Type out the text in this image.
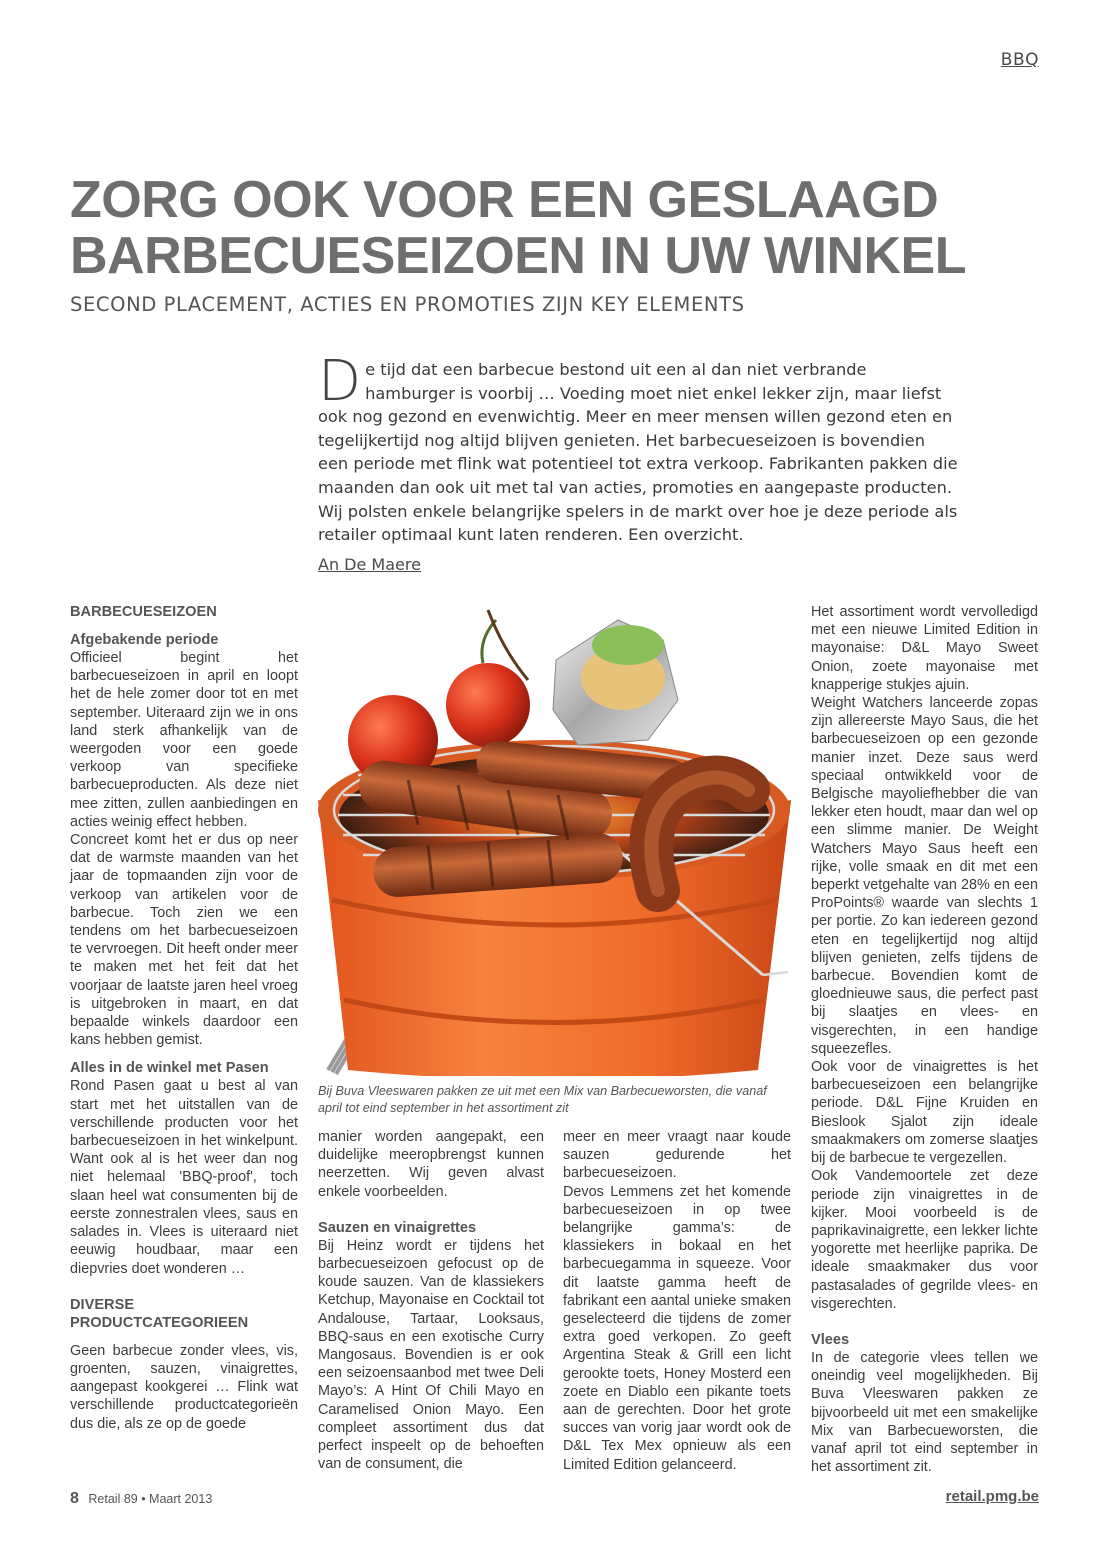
BBQ
ZORG OOK VOOR EEN GESLAAGD
BARBECUESEIZOEN IN UW WINKEL
SECOND PLACEMENT, ACTIES EN PROMOTIES ZIJN KEY ELEMENTS
D e tijd dat een barbecue bestond uit een al dan niet verbrande hamburger is voorbij … Voeding moet niet enkel lekker zijn, maar liefst ook nog gezond en evenwichtig. Meer en meer mensen willen gezond eten en tegelijkertijd nog altijd blijven genieten. Het barbecueseizoen is bovendien een periode met flink wat potentieel tot extra verkoop. Fabrikanten pakken die maanden dan ook uit met tal van acties, promoties en aangepaste producten. Wij polsten enkele belangrijke spelers in de markt over hoe je deze periode als retailer optimaal kunt laten renderen. Een overzicht.
An De Maere
BARBECUESEIZOEN
Afgebakende periode

Officieel begint het barbecueseizoen in april en loopt het de hele zomer door tot en met september. Uiteraard zijn we in ons land sterk afhankelijk van de weergoden voor een goede verkoop van specifieke barbecueproducten. Als deze niet mee zitten, zullen aanbiedingen en acties weinig effect hebben.

Concreet komt het er dus op neer dat de warmste maanden van het jaar de topmaanden zijn voor de verkoop van artikelen voor de barbecue. Toch zien we een tendens om het barbecueseizoen te vervroegen. Dit heeft onder meer te maken met het feit dat het voorjaar de laatste jaren heel vroeg is uitgebroken in maart, en dat bepaalde winkels daardoor een kans hebben gemist.

Alles in de winkel met Pasen

Rond Pasen gaat u best al van start met het uitstallen van de verschillende producten voor het barbecueseizoen in het winkelpunt. Want ook al is het weer dan nog niet helemaal 'BBQ-proof', toch slaan heel wat consumenten bij de eerste zonnestralen vlees, saus en salades in. Vlees is uiteraard niet eeuwig houdbaar, maar een diepvries doet wonderen …

DIVERSE PRODUCTCATEGORIEEN

Geen barbecue zonder vlees, vis, groenten, sauzen, vinaigrettes, aangepast kookgerei … Flink wat verschillende productcategorieën dus die, als ze op de goede

Bij Buva Vleeswaren pakken ze uit met een Mix van Barbecueworsten, die vanaf april tot eind september in het assortiment zit

manier worden aangepakt, een duidelijke meeropbrengst kunnen neerzetten. Wij geven alvast enkele voorbeelden.

Sauzen en vinaigrettes

Bij Heinz wordt er tijdens het barbecueseizoen gefocust op de koude sauzen. Van de klassiekers Ketchup, Mayonaise en Cocktail tot Andalouse, Tartaar, Looksaus, BBQ-saus en een exotische Curry Mangosaus. Bovendien is er ook een seizoensaanbod met twee Deli Mayo’s: A Hint Of Chili Mayo en Caramelised Onion Mayo. Een compleet assortiment dus dat perfect inspeelt op de behoeften van de consument, die

meer en meer vraagt naar koude sauzen gedurende het barbecueseizoen.

Devos Lemmens zet het komende barbecueseizoen in op twee belangrijke gamma’s: de klassiekers in bokaal en het barbecuegamma in squeeze. Voor dit laatste gamma heeft de fabrikant een aantal unieke smaken geselecteerd die tijdens de zomer extra goed verkopen. Zo geeft Argentina Steak & Grill een licht gerookte toets, Honey Mosterd een zoete en Diablo een pikante toets aan de gerechten. Door het grote succes van vorig jaar wordt ook de D&L Tex Mex opnieuw als een Limited Edition gelanceerd.

Het assortiment wordt vervolledigd met een nieuwe Limited Edition in mayonaise: D&L Mayo Sweet Onion, zoete mayonaise met knapperige stukjes ajuin.

Weight Watchers lanceerde zopas zijn allereerste Mayo Saus, die het barbecueseizoen op een gezonde manier inzet. Deze saus werd speciaal ontwikkeld voor de Belgische mayoliefhebber die van lekker eten houdt, maar dan wel op een slimme manier. De Weight Watchers Mayo Saus heeft een rijke, volle smaak en dit met een beperkt vetgehalte van 28% en een ProPoints® waarde van slechts 1 per portie. Zo kan iedereen gezond eten en tegelijkertijd nog altijd blijven genieten, zelfs tijdens de barbecue. Bovendien komt de gloednieuwe saus, die perfect past bij slaatjes en vlees- en visgerechten, in een handige squeezefles.

Ook voor de vinaigrettes is het barbecueseizoen een belangrijke periode. D&L Fijne Kruiden en Bieslook Sjalot zijn ideale smaakmakers om zomerse slaatjes bij de barbecue te vergezellen.

Ook Vandemoortele zet deze periode zijn vinaigrettes in de kijker. Mooi voorbeeld is de paprikavinaigrette, een lekker lichte yogorette met heerlijke paprika. De ideale smaakmaker dus voor pastasalades of gegrilde vlees- en visgerechten.

Vlees

In de categorie vlees tellen we oneindig veel mogelijkheden. Bij Buva Vleeswaren pakken ze bijvoorbeeld uit met een smakelijke Mix van Barbecueworsten, die vanaf april tot eind september in het assortiment zit.

8 Retail 89 • Maart 2013	retail.pmg.be
